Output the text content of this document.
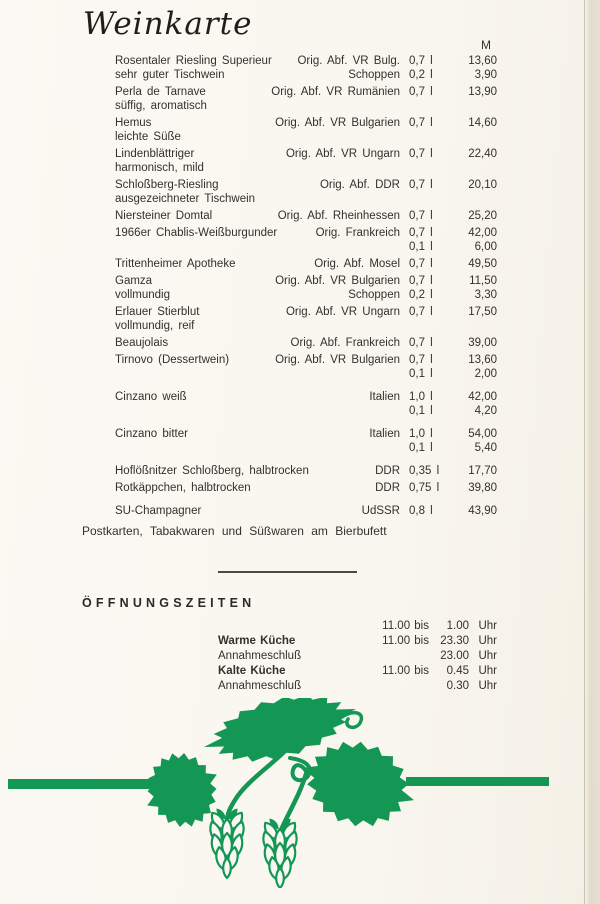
Weinkarte
M
Rosentaler Riesling Superieur Orig. Abf. VR Bulg. 0,7 l	13,60
sehr guter Tischwein	Schoppen 0,2 l	3,90
Perla de Tarnave	Orig. Abf. VR Rumänien 0,7 l	13,90
süffig, aromatisch
Hemus	Orig. Abf. VR Bulgarien 0,7 l	14,60
leichte Süße
Lindenblättriger	Orig. Abf. VR Ungarn 0,7 l	22,40
harmonisch, mild
Schloßberg-Riesling	Orig. Abf. DDR 0,7 l	20,10
ausgezeichneter Tischwein
Niersteiner Domtal	Orig. Abf. Rheinhessen 0,7 l	25,20
1966er Chablis-Weißburgunder	Orig. Frankreich 0,7 l	42,00
0,1 l	6,00
Trittenheimer Apotheke	Orig. Abf. Mosel 0,7 l	49,50
Gamza	Orig. Abf. VR Bulgarien 0,7 l	11,50
vollmundig	Schoppen 0,2 l	3,30
Erlauer Stierblut	Orig. Abf. VR Ungarn 0,7 l	17,50
vollmundig, reif
Beaujolais	Orig. Abf. Frankreich 0,7 l	39,00
Tirnovo (Dessertwein)	Orig. Abf. VR Bulgarien 0,7 l	13,60
0,1 l	2,00
Cinzano weiß	Italien 1,0 l	42,00
0,1 l	4,20
Cinzano bitter	Italien 1,0 l	54,00
0,1 l	5,40
Hoflößnitzer Schloßberg, halbtrocken	DDR 0,35 l	17,70
Rotkäppchen, halbtrocken	DDR 0,75 l	39,80
SU-Champagner	UdSSR 0,8 l	43,90
Postkarten, Tabakwaren und Süßwaren am Bierbufett
ÖFFNUNGSZEITEN
11.00 bis	1.00 Uhr
Warme Küche	11.00 bis 23.30 Uhr
Annahmeschluß	23.00 Uhr
Kalte Küche	11.00 bis	0.45 Uhr
Annahmeschluß	0.30 Uhr
